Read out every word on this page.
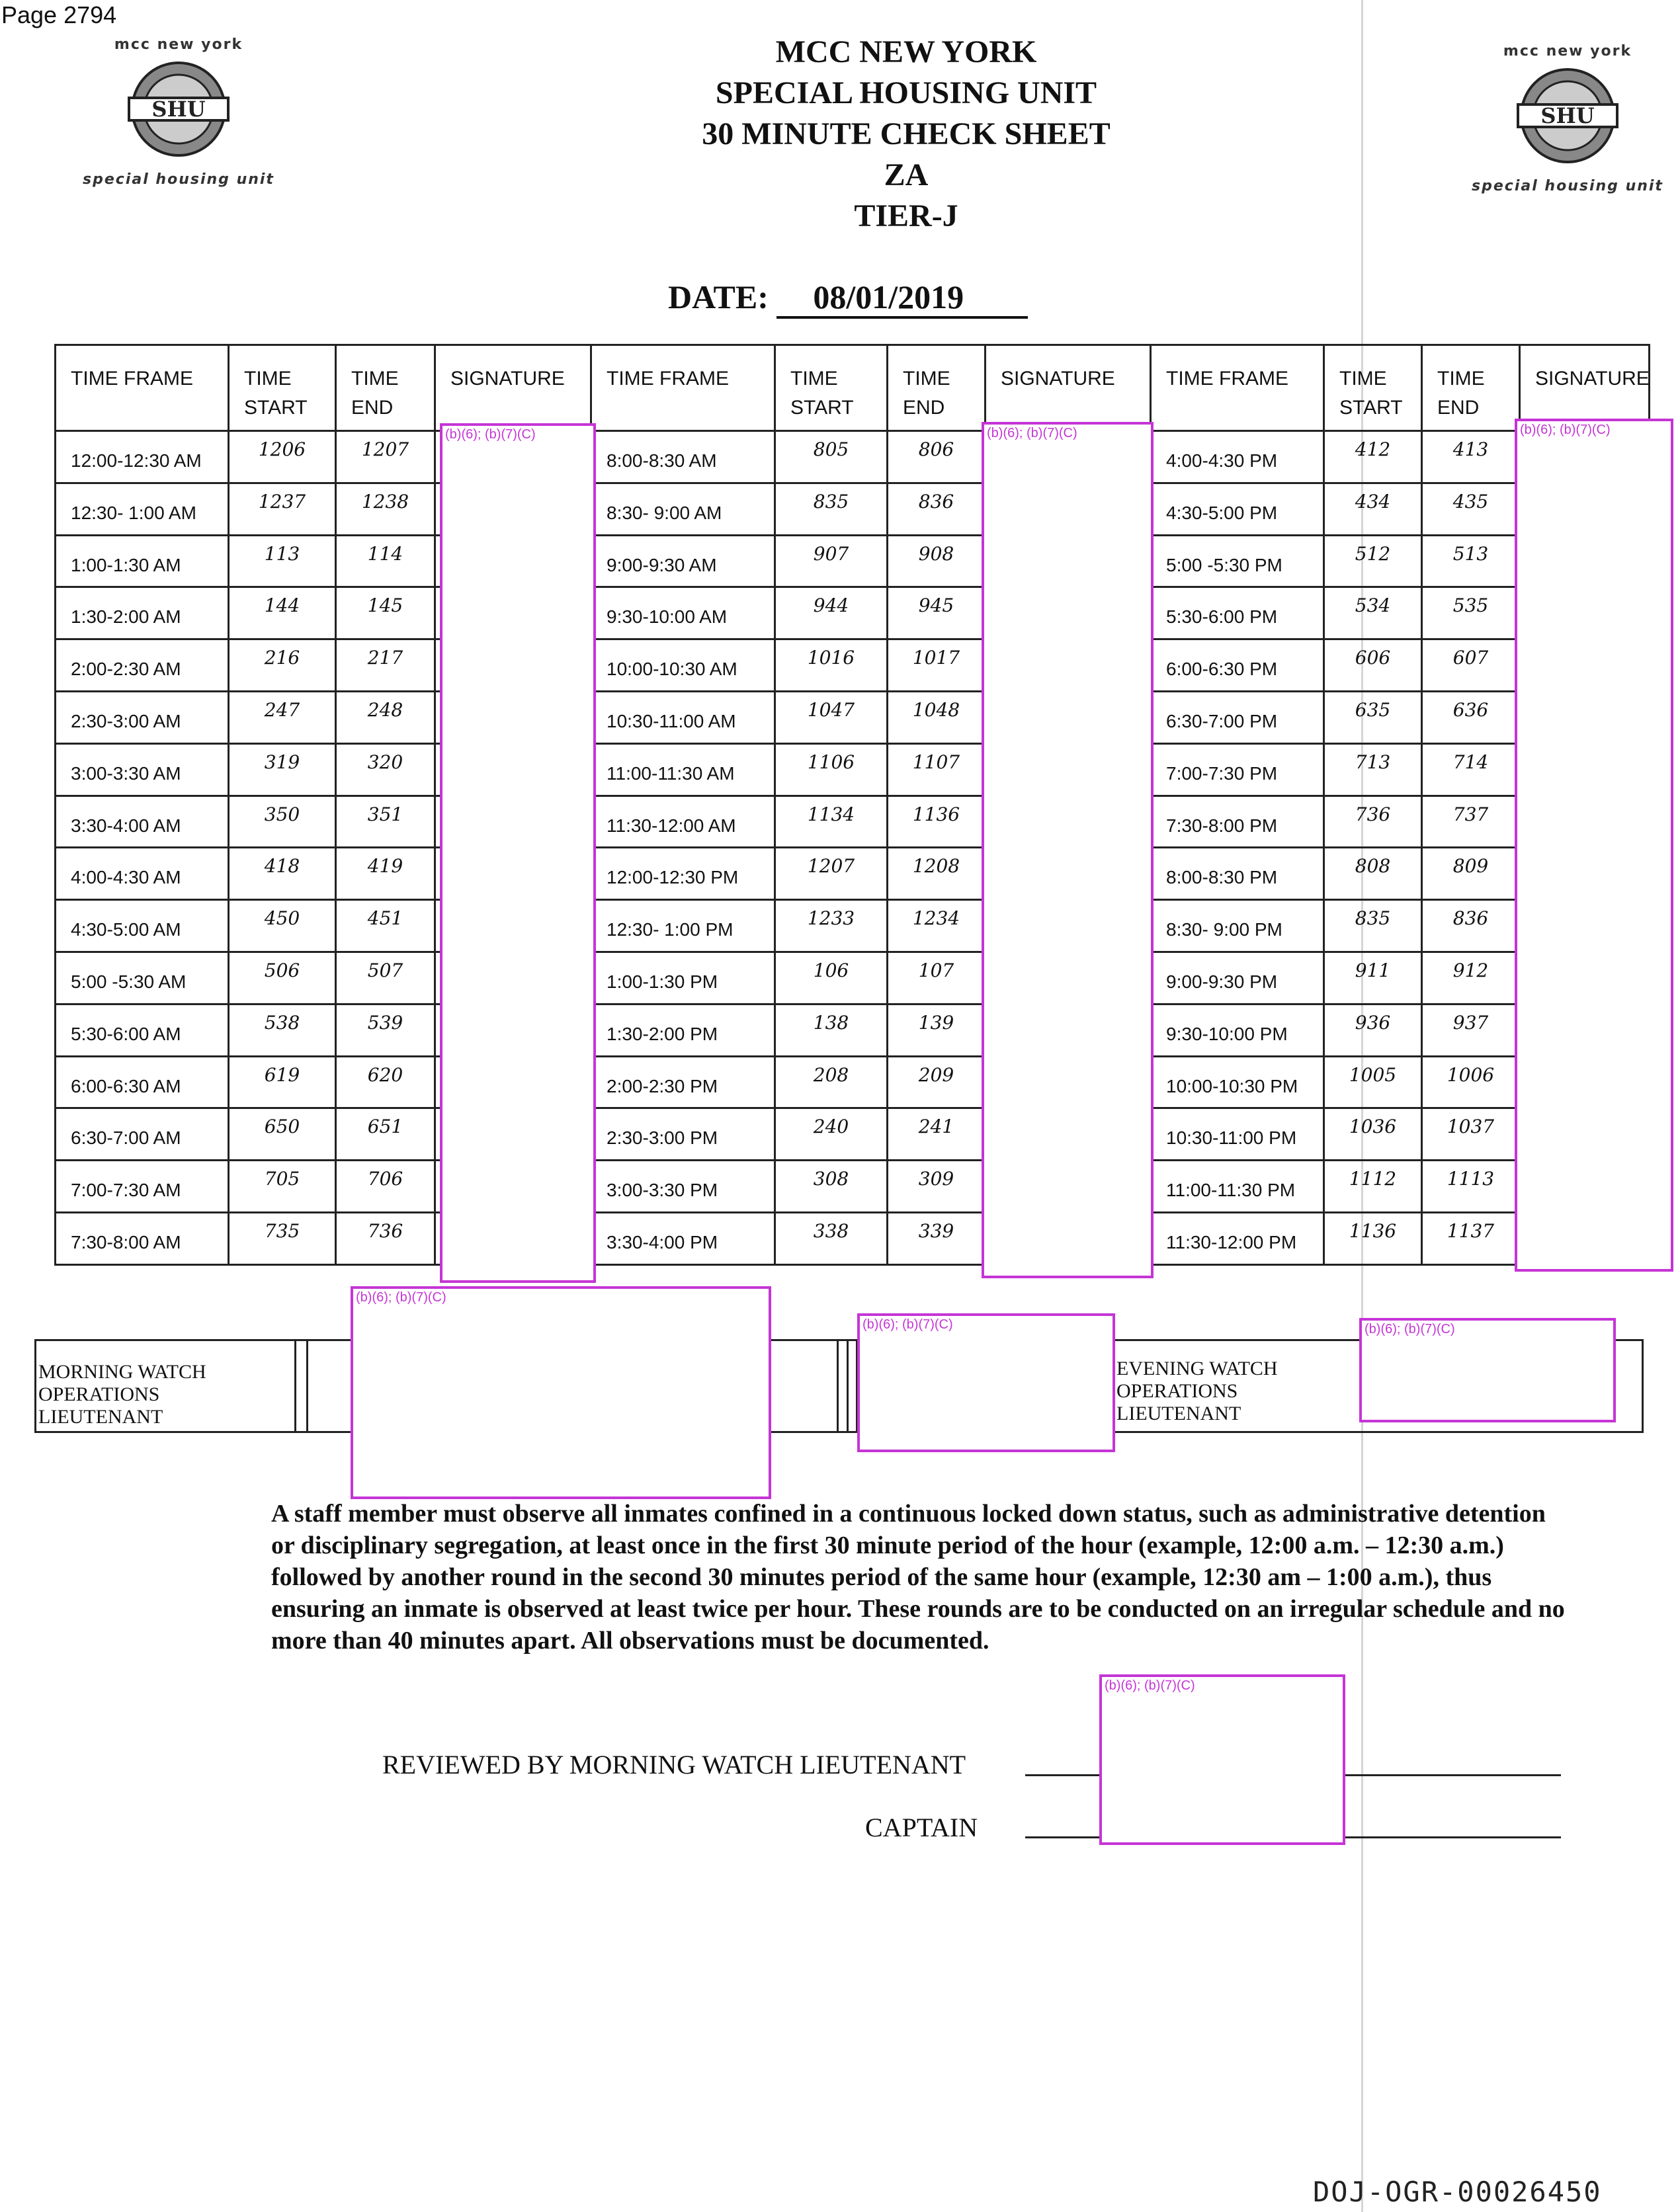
Page 2794
mcc new york
SHU
special housing unit
mcc new york
SHU
special housing unit
MCC NEW YORK
SPECIAL HOUSING UNIT
30 MINUTE CHECK SHEET
ZA
TIER-J
DATE: 08/01/2019
TIME FRAME	TIME START	TIME END	SIGNATURE	TIME FRAME	TIME START	TIME END	SIGNATURE	TIME FRAME	TIME START	TIME END	SIGNATURE
12:00-12:30 AM	1206	1207		8:00-8:30 AM	805	806		4:00-4:30 PM	412	413	
12:30- 1:00 AM	1237	1238		8:30- 9:00 AM	835	836		4:30-5:00 PM	434	435	
1:00-1:30 AM	113	114		9:00-9:30 AM	907	908		5:00 -5:30 PM	512	513	
1:30-2:00 AM	144	145		9:30-10:00 AM	944	945		5:30-6:00 PM	534	535	
2:00-2:30 AM	216	217		10:00-10:30 AM	1016	1017		6:00-6:30 PM	606	607	
2:30-3:00 AM	247	248		10:30-11:00 AM	1047	1048		6:30-7:00 PM	635	636	
3:00-3:30 AM	319	320		11:00-11:30 AM	1106	1107		7:00-7:30 PM	713	714	
3:30-4:00 AM	350	351		11:30-12:00 AM	1134	1136		7:30-8:00 PM	736	737	
4:00-4:30 AM	418	419		12:00-12:30 PM	1207	1208		8:00-8:30 PM	808	809	
4:30-5:00 AM	450	451		12:30- 1:00 PM	1233	1234		8:30- 9:00 PM	835	836	
5:00 -5:30 AM	506	507		1:00-1:30 PM	106	107		9:00-9:30 PM	911	912	
5:30-6:00 AM	538	539		1:30-2:00 PM	138	139		9:30-10:00 PM	936	937	
6:00-6:30 AM	619	620		2:00-2:30 PM	208	209		10:00-10:30 PM	1005	1006	
6:30-7:00 AM	650	651		2:30-3:00 PM	240	241		10:30-11:00 PM	1036	1037	
7:00-7:30 AM	705	706		3:00-3:30 PM	308	309		11:00-11:30 PM	1112	1113	
7:30-8:00 AM	735	736		3:30-4:00 PM	338	339		11:30-12:00 PM	1136	1137	
(b)(6); (b)(7)(C)	(b)(6); (b)(7)(C)	(b)(6); (b)(7)(C)
MORNING WATCH OPERATIONS LIEUTENANT
EVENING WATCH OPERATIONS LIEUTENANT
(b)(6); (b)(7)(C)
(b)(6); (b)(7)(C)	(b)(6); (b)(7)(C)
A staff member must observe all inmates confined in a continuous locked down status, such as administrative detention or disciplinary segregation, at least once in the first 30 minute period of the hour (example, 12:00 a.m. – 12:30 a.m.) followed by another round in the second 30 minutes period of the same hour (example, 12:30 am – 1:00 a.m.), thus ensuring an inmate is observed at least twice per hour. These rounds are to be conducted on an irregular schedule and no more than 40 minutes apart. All observations must be documented.
REVIEWED BY MORNING WATCH LIEUTENANT
CAPTAIN
(b)(6); (b)(7)(C)
DOJ-OGR-00026450
